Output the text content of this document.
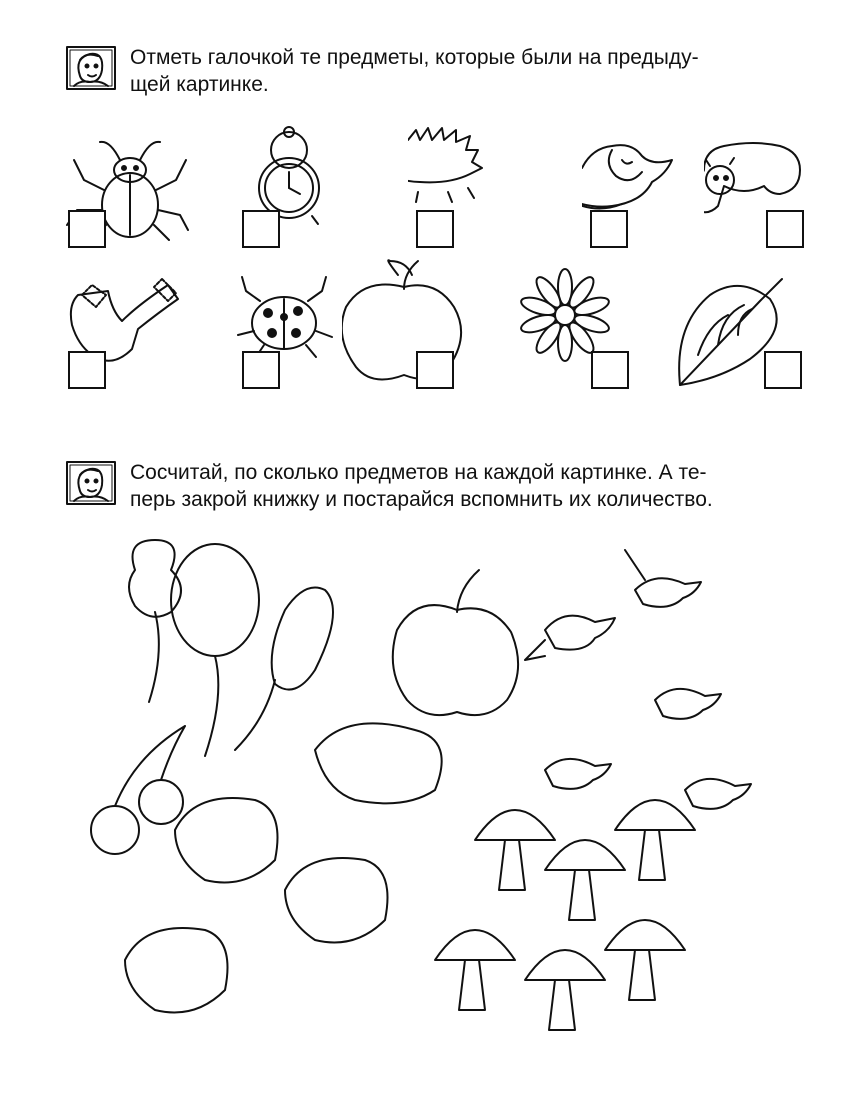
Отметь галочкой те предметы, которые были на предыду-
щей картинке.
Сосчитай, по сколько предметов на каждой картинке. А те-
перь закрой книжку и постарайся вспомнить их количество.
